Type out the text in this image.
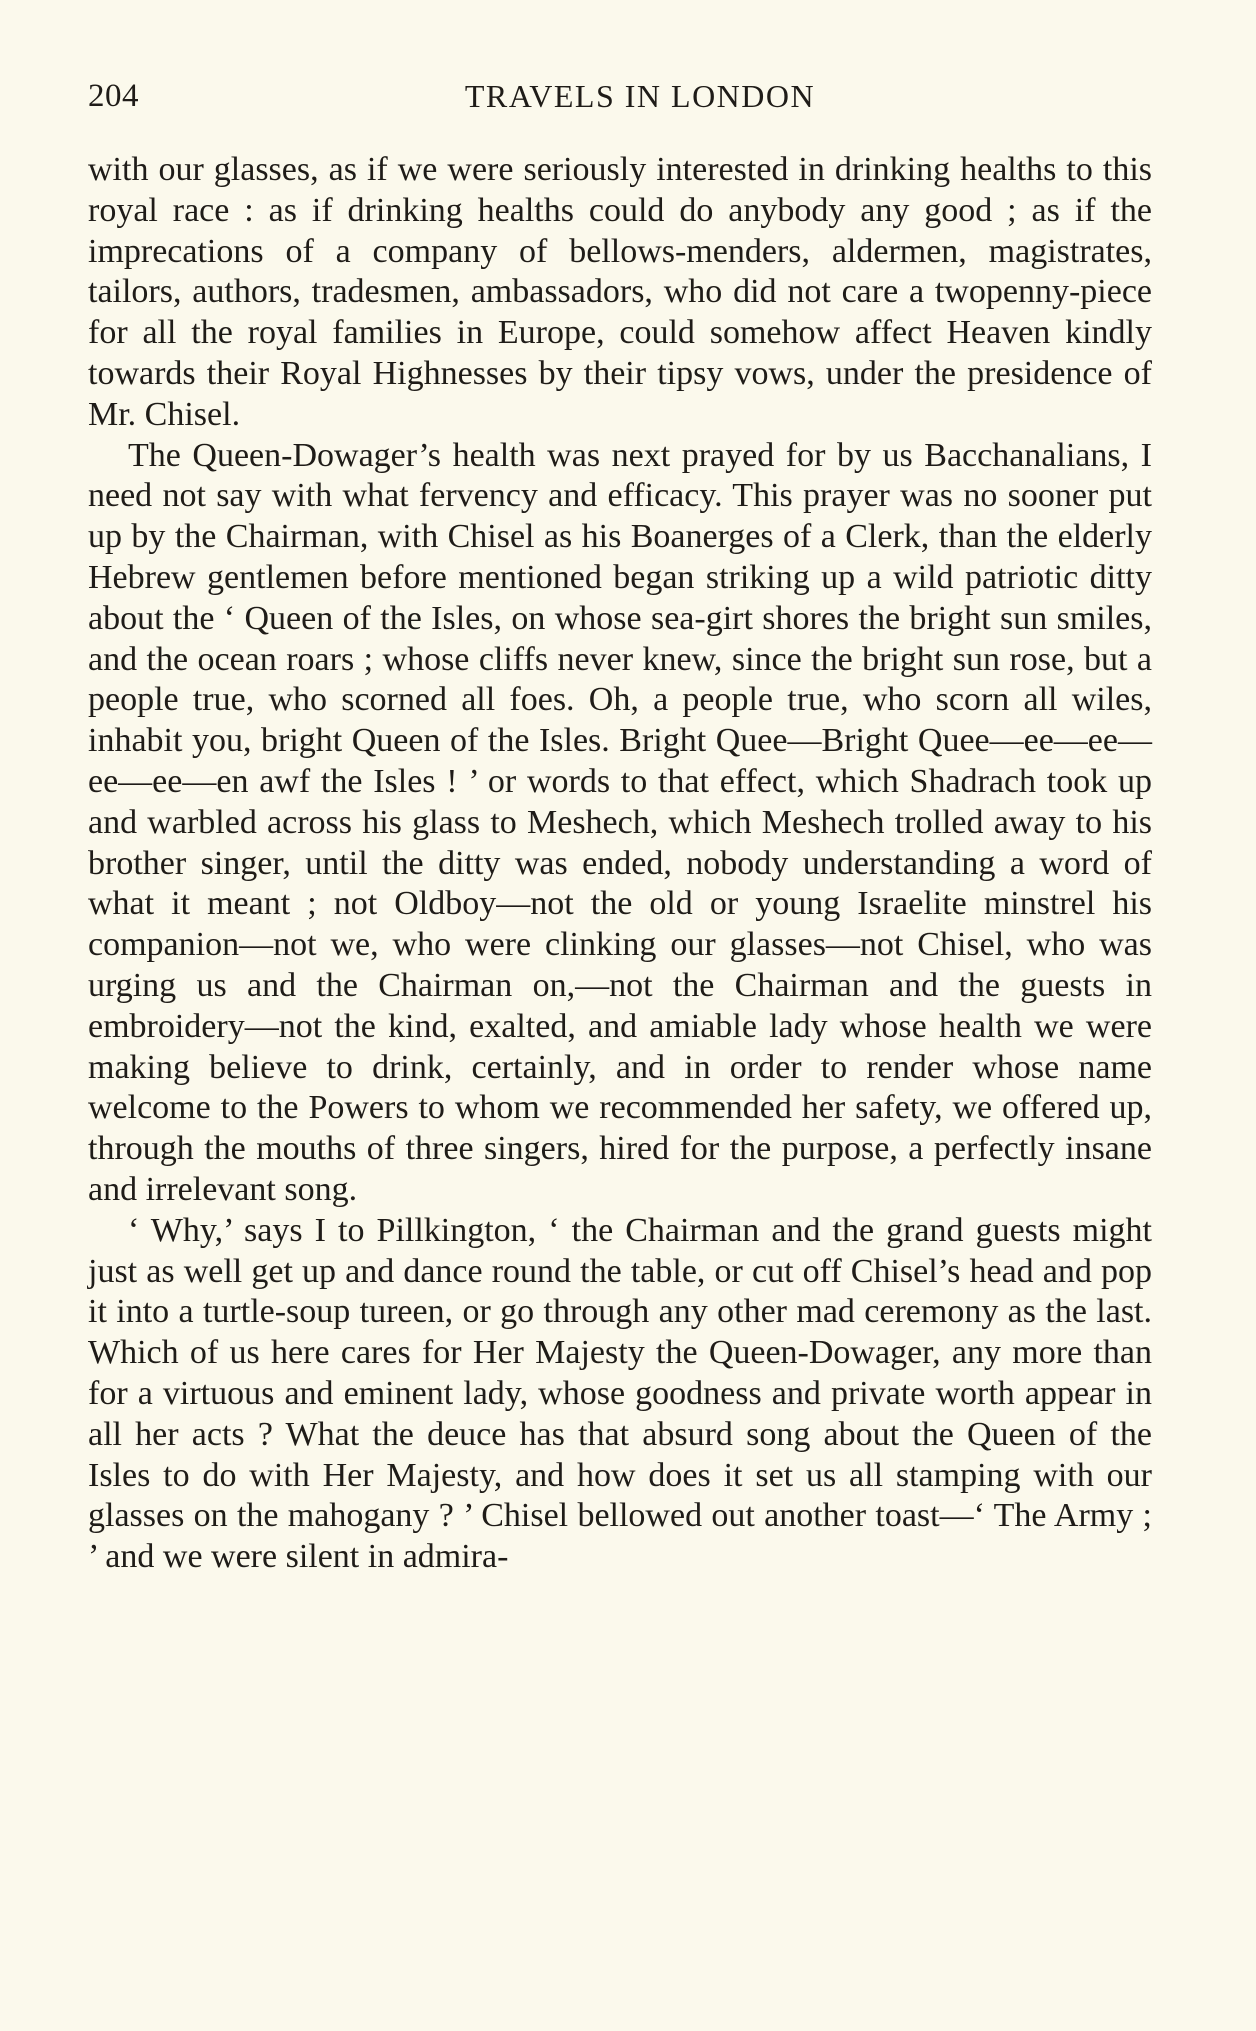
204	TRAVELS IN LONDON

with our glasses, as if we were seriously interested in drinking healths to this royal race : as if drinking healths could do anybody any good ; as if the imprecations of a company of bellows-menders, aldermen, magistrates, tailors, authors, tradesmen, ambassadors, who did not care a twopenny-piece for all the royal families in Europe, could somehow affect Heaven kindly towards their Royal Highnesses by their tipsy vows, under the presidence of Mr. Chisel.

The Queen-Dowager’s health was next prayed for by us Bacchanalians, I need not say with what fervency and efficacy. This prayer was no sooner put up by the Chairman, with Chisel as his Boanerges of a Clerk, than the elderly Hebrew gentlemen before mentioned began striking up a wild patriotic ditty about the ‘ Queen of the Isles, on whose sea-girt shores the bright sun smiles, and the ocean roars ; whose cliffs never knew, since the bright sun rose, but a people true, who scorned all foes. Oh, a people true, who scorn all wiles, inhabit you, bright Queen of the Isles. Bright Quee—Bright Quee—ee—ee—ee—ee—en awf the Isles ! ’ or words to that effect, which Shadrach took up and warbled across his glass to Meshech, which Meshech trolled away to his brother singer, until the ditty was ended, nobody understanding a word of what it meant ; not Oldboy—not the old or young Israelite minstrel his companion—not we, who were clinking our glasses—not Chisel, who was urging us and the Chairman on,—not the Chairman and the guests in embroidery—not the kind, exalted, and amiable lady whose health we were making believe to drink, certainly, and in order to render whose name welcome to the Powers to whom we recommended her safety, we offered up, through the mouths of three singers, hired for the purpose, a perfectly insane and irrelevant song.

‘ Why,’ says I to Pillkington, ‘ the Chairman and the grand guests might just as well get up and dance round the table, or cut off Chisel’s head and pop it into a turtle-soup tureen, or go through any other mad ceremony as the last. Which of us here cares for Her Majesty the Queen-Dowager, any more than for a virtuous and eminent lady, whose goodness and private worth appear in all her acts ? What the deuce has that absurd song about the Queen of the Isles to do with Her Majesty, and how does it set us all stamping with our glasses on the mahogany ? ’ Chisel bellowed out another toast—‘ The Army ; ’ and we were silent in admira-
